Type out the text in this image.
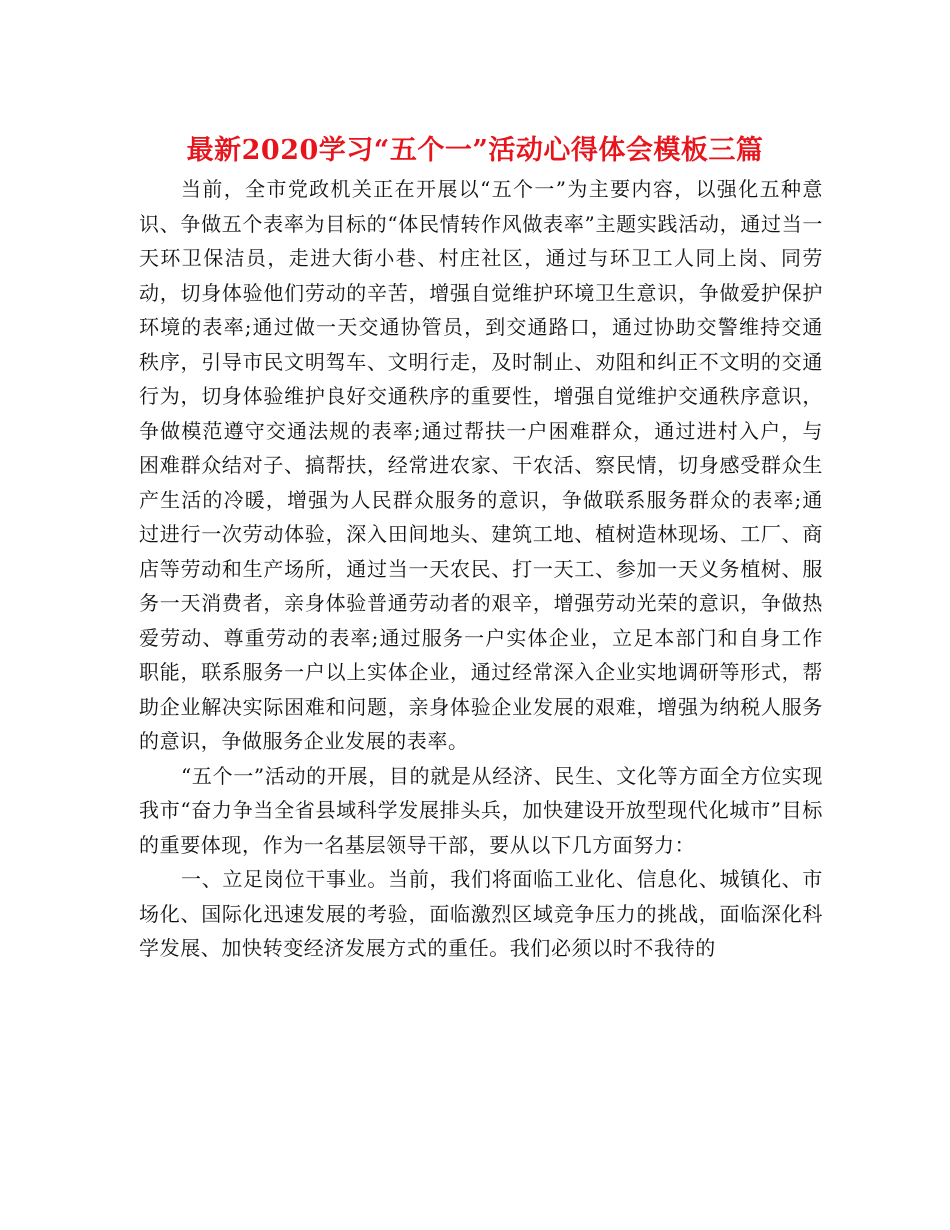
最新2020学习“五个一”活动心得体会模板三篇

当前，全市党政机关正在开展以“五个一”为主要内容，以强化五种意识、争做五个表率为目标的“体民情转作风做表率”主题实践活动，通过当一天环卫保洁员，走进大街小巷、村庄社区，通过与环卫工人同上岗、同劳动，切身体验他们劳动的辛苦，增强自觉维护环境卫生意识，争做爱护保护环境的表率;通过做一天交通协管员，到交通路口，通过协助交警维持交通秩序，引导市民文明驾车、文明行走，及时制止、劝阻和纠正不文明的交通行为，切身体验维护良好交通秩序的重要性，增强自觉维护交通秩序意识，争做模范遵守交通法规的表率;通过帮扶一户困难群众，通过进村入户，与困难群众结对子、搞帮扶，经常进农家、干农活、察民情，切身感受群众生产生活的冷暖，增强为人民群众服务的意识，争做联系服务群众的表率;通过进行一次劳动体验，深入田间地头、建筑工地、植树造林现场、工厂、商店等劳动和生产场所，通过当一天农民、打一天工、参加一天义务植树、服务一天消费者，亲身体验普通劳动者的艰辛，增强劳动光荣的意识，争做热爱劳动、尊重劳动的表率;通过服务一户实体企业，立足本部门和自身工作职能，联系服务一户以上实体企业，通过经常深入企业实地调研等形式，帮助企业解决实际困难和问题，亲身体验企业发展的艰难，增强为纳税人服务的意识，争做服务企业发展的表率。

“五个一”活动的开展，目的就是从经济、民生、文化等方面全方位实现我市“奋力争当全省县域科学发展排头兵，加快建设开放型现代化城市”目标的重要体现，作为一名基层领导干部，要从以下几方面努力：

一、立足岗位干事业。当前，我们将面临工业化、信息化、城镇化、市场化、国际化迅速发展的考验，面临激烈区域竞争压力的挑战，面临深化科学发展、加快转变经济发展方式的重任。我们必须以时不我待的
